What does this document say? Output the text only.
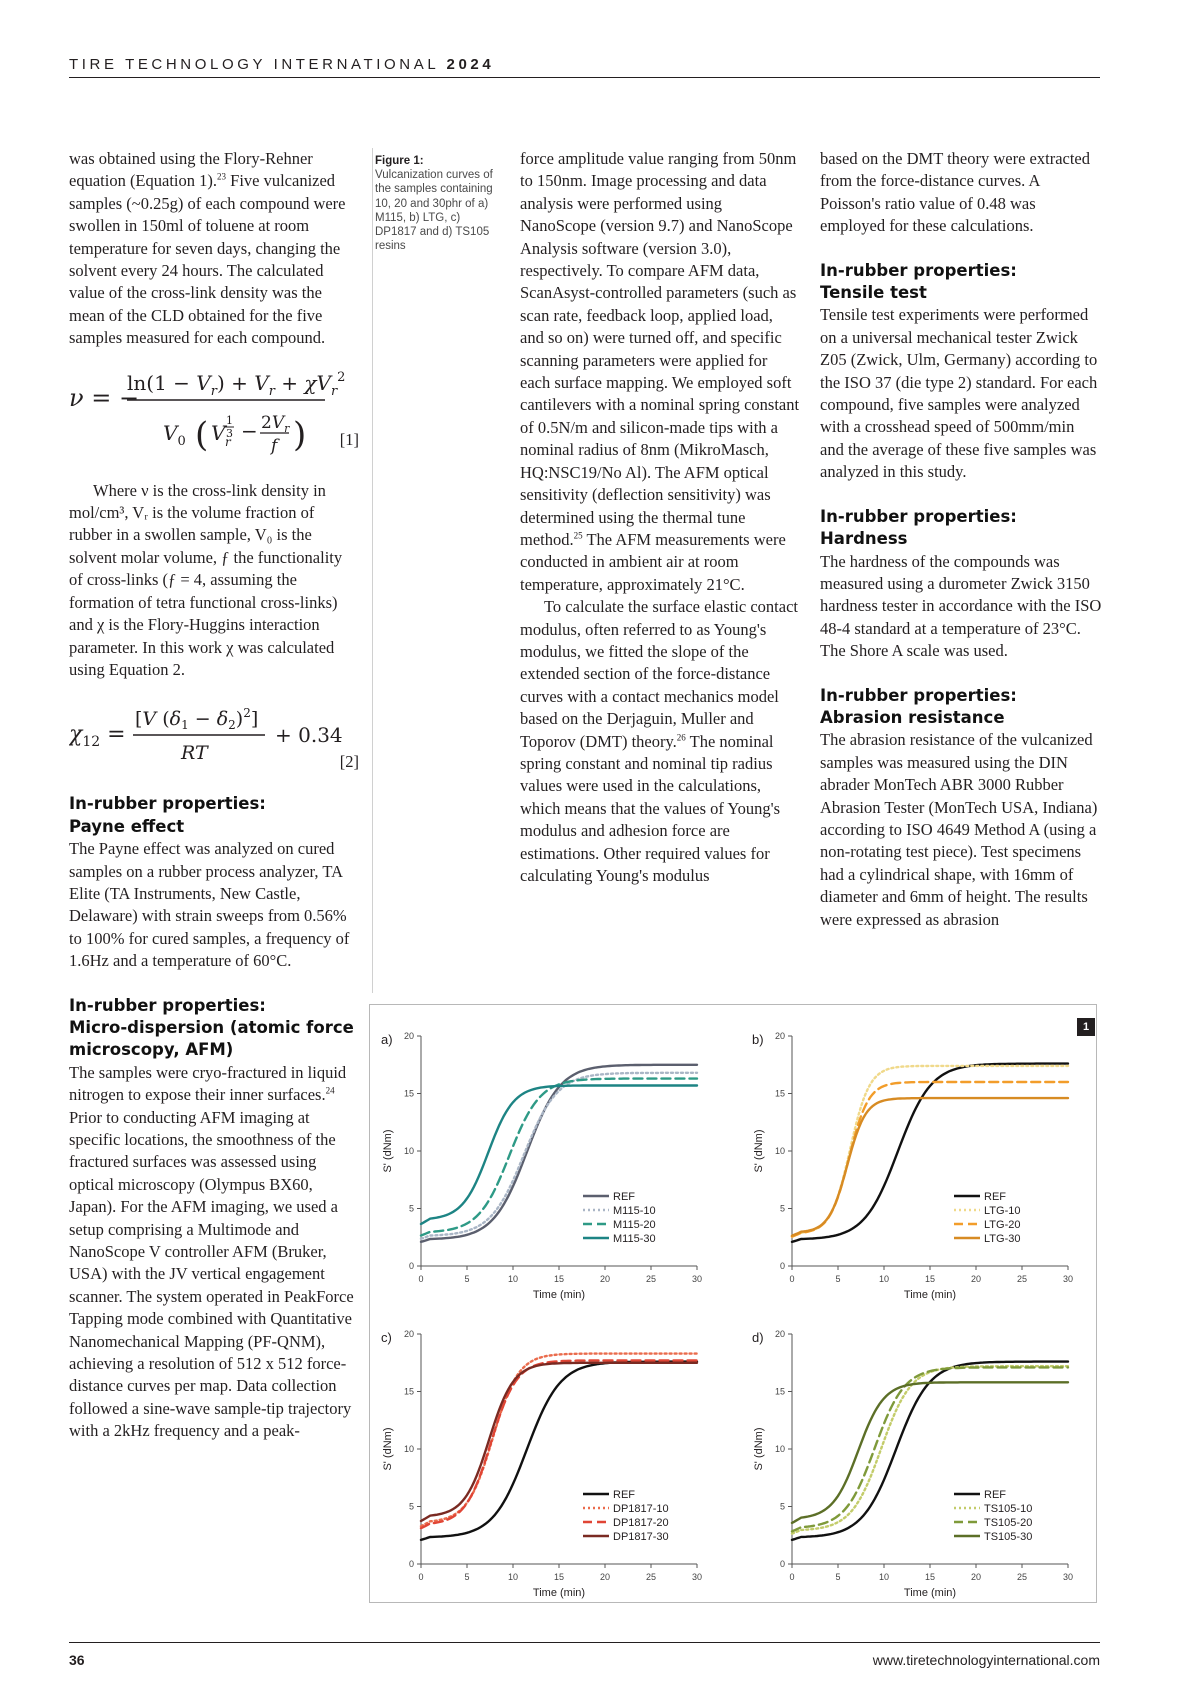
TIRE TECHNOLOGY INTERNATIONAL 2024

was obtained using the Flory-Rehner equation (Equation 1).$^{23}$ Five vulcanized samples (~0.25g) of each compound were swollen in 150ml of toluene at room temperature for seven days, changing the solvent every 24 hours. The calculated value of the cross-link density was the mean of the CLD obtained for the five samples measured for each compound.

ν = −
$\ln(1 - V_r) + V_r + \chi V_r^2$
$V_0$ ( V r
1
$3 - 2V_r$
f ) [1]

Where ν is the cross-link density in mol/cm³, Vᵣ is the volume fraction of rubber in a swollen sample, V₀ is the solvent molar volume, ƒ the functionality of cross-links (ƒ = 4, assuming the formation of tetra functional cross-links) and χ is the Flory-Huggins interaction parameter. In this work χ was calculated using Equation 2.

$\chi_{12}$ =
[V $(\delta_1 - \delta_2)^2$]
RT
+ 0.34
[2]
In-rubber properties:
Payne effect

The Payne effect was analyzed on cured samples on a rubber process analyzer, TA Elite (TA Instruments, New Castle, Delaware) with strain sweeps from 0.56% to 100% for cured samples, a frequency of 1.6Hz and a temperature of 60°C.

In-rubber properties:
Micro-dispersion (atomic force microscopy, AFM)

The samples were cryo-fractured in liquid nitrogen to expose their inner surfaces.$^{24}$ Prior to conducting AFM imaging at specific locations, the smoothness of the fractured surfaces was assessed using optical microscopy (Olympus BX60, Japan). For the AFM imaging, we used a setup comprising a Multimode and NanoScope V controller AFM (Bruker, USA) with the JV vertical engagement scanner. The system operated in PeakForce Tapping mode combined with Quantitative Nanomechanical Mapping (PF-QNM), achieving a resolution of 512 x 512 force-distance curves per map. Data collection followed a sine-wave sample-tip trajectory with a 2kHz frequency and a peak-

Figure 1: Vulcanization curves of the samples containing 10, 20 and 30phr of a) M115, b) LTG, c) DP1817 and d) TS105 resins

force amplitude value ranging from 50nm to 150nm. Image processing and data analysis were performed using NanoScope (version 9.7) and NanoScope Analysis software (version 3.0), respectively. To compare AFM data, ScanAsyst-controlled parameters (such as scan rate, feedback loop, applied load, and so on) were turned off, and specific scanning parameters were applied for each surface mapping. We employed soft cantilevers with a nominal spring constant of 0.5N/m and silicon-made tips with a nominal radius of 8nm (MikroMasch, HQ:NSC19/No Al). The AFM optical sensitivity (deflection sensitivity) was determined using the thermal tune method.$^{25}$ The AFM measurements were conducted in ambient air at room temperature, approximately 21°C.

To calculate the surface elastic contact modulus, often referred to as Young's modulus, we fitted the slope of the extended section of the force-distance curves with a contact mechanics model based on the Derjaguin, Muller and Toporov (DMT) theory.$^{26}$ The nominal spring constant and nominal tip radius values were used in the calculations, which means that the values of Young's modulus and adhesion force are estimations. Other required values for calculating Young's modulus

based on the DMT theory were extracted from the force-distance curves. A Poisson's ratio value of 0.48 was employed for these calculations.

In-rubber properties:
Tensile test

Tensile test experiments were performed on a universal mechanical tester Zwick Z05 (Zwick, Ulm, Germany) according to the ISO 37 (die type 2) standard. For each compound, five samples were analyzed with a crosshead speed of 500mm/min and the average of these five samples was analyzed in this study.

In-rubber properties:
Hardness

The hardness of the compounds was measured using a durometer Zwick 3150 hardness tester in accordance with the ISO 48-4 standard at a temperature of 23°C. The Shore A scale was used.

In-rubber properties:
Abrasion resistance

The abrasion resistance of the vulcanized samples was measured using the DIN abrader MonTech ABR 3000 Rubber Abrasion Tester (MonTech USA, Indiana) according to ISO 4649 Method A (using a non-rotating test piece). Test specimens had a cylindrical shape, with 16mm of diameter and 6mm of height. The results were expressed as abrasion

a)
0	5	10	15	20	25	30
0
5
10
15
20
Time (min)
S' (dNm)
REF
M115-10
M115-20
M115-30
b)
0	5	10	15	20	25	30
0
5
10
15
20
Time (min)
S' (dNm)
REF
LTG-10
LTG-20
LTG-30
c)
0	5	10	15	20	25	30
0
5
10
15
20
Time (min)
S' (dNm)
REF
DP1817-10
DP1817-20
DP1817-30
d)
0	5	10	15	20	25	30
0
5
10
15
20
Time (min)
S' (dNm)
REF
TS105-10
TS105-20
TS105-30
1
36	www.tiretechnologyinternational.com
